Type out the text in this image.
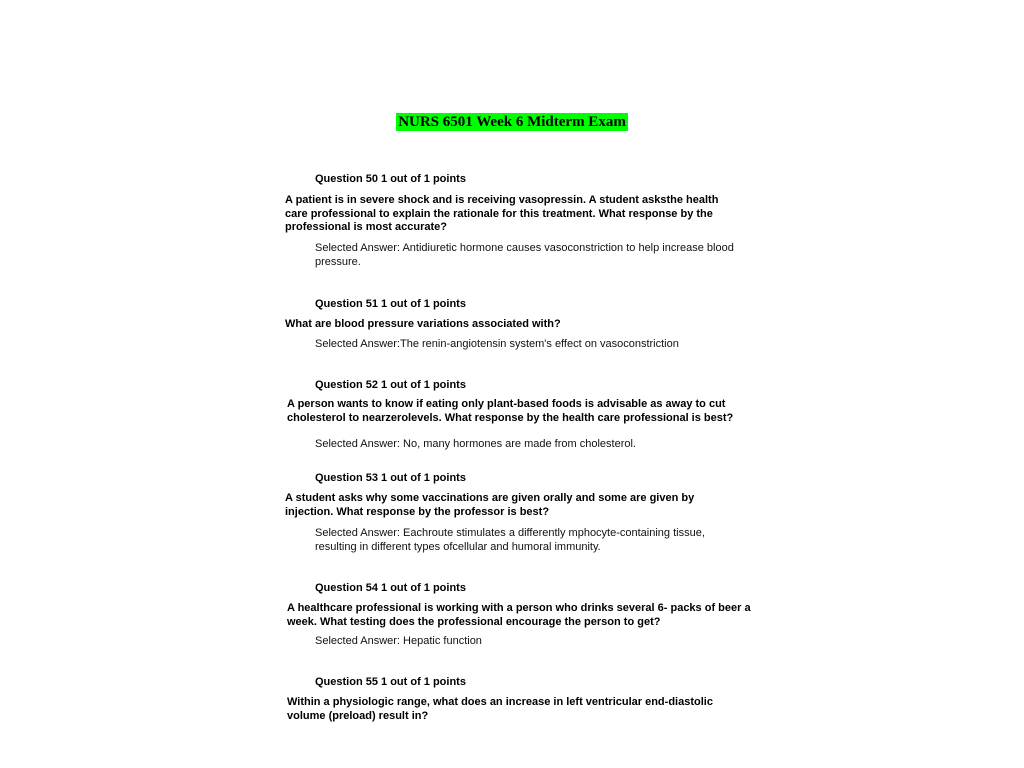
NURS 6501 Week 6 Midterm Exam
Question 50 1 out of 1 points
A patient is in severe shock and is receiving vasopressin. A student asksthe health care professional to explain the rationale for this treatment. What response by the professional is most accurate?
Selected Answer: Antidiuretic hormone causes vasoconstriction to help increase blood pressure.
Question 51 1 out of 1 points
What are blood pressure variations associated with?
Selected Answer:The renin-angiotensin system's effect on vasoconstriction
Question 52 1 out of 1 points
A person wants to know if eating only plant-based foods is advisable as away to cut cholesterol to nearzerolevels. What response by the health care professional is best?
Selected Answer: No, many hormones are made from cholesterol.
Question 53 1 out of 1 points
A student asks why some vaccinations are given orally and some are given by injection. What response by the professor is best?
Selected Answer: Eachroute stimulates a differently mphocyte-containing tissue, resulting in different types ofcellular and humoral immunity.
Question 54 1 out of 1 points
A healthcare professional is working with a person who drinks several 6- packs of beer a week. What testing does the professional encourage the person to get?
Selected Answer: Hepatic function
Question 55 1 out of 1 points
Within a physiologic range, what does an increase in left ventricular end-diastolic volume (preload) result in?
